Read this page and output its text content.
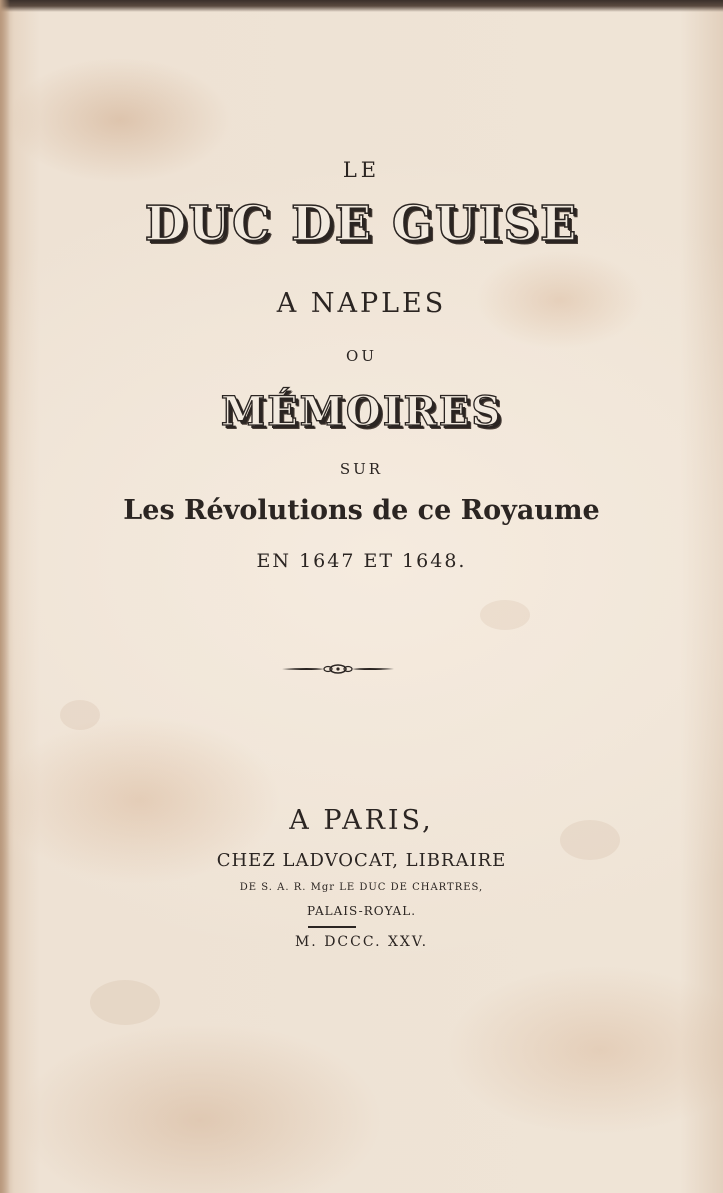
LE
DUC DE GUISE
A NAPLES
OU
MÉMOIRES
SUR
Les Révolutions de ce Royaume
EN 1647 ET 1648.
A PARIS,
CHEZ LADVOCAT, LIBRAIRE
DE S. A. R. Mgr LE DUC DE CHARTRES,
PALAIS-ROYAL.
M. DCCC. XXV.
